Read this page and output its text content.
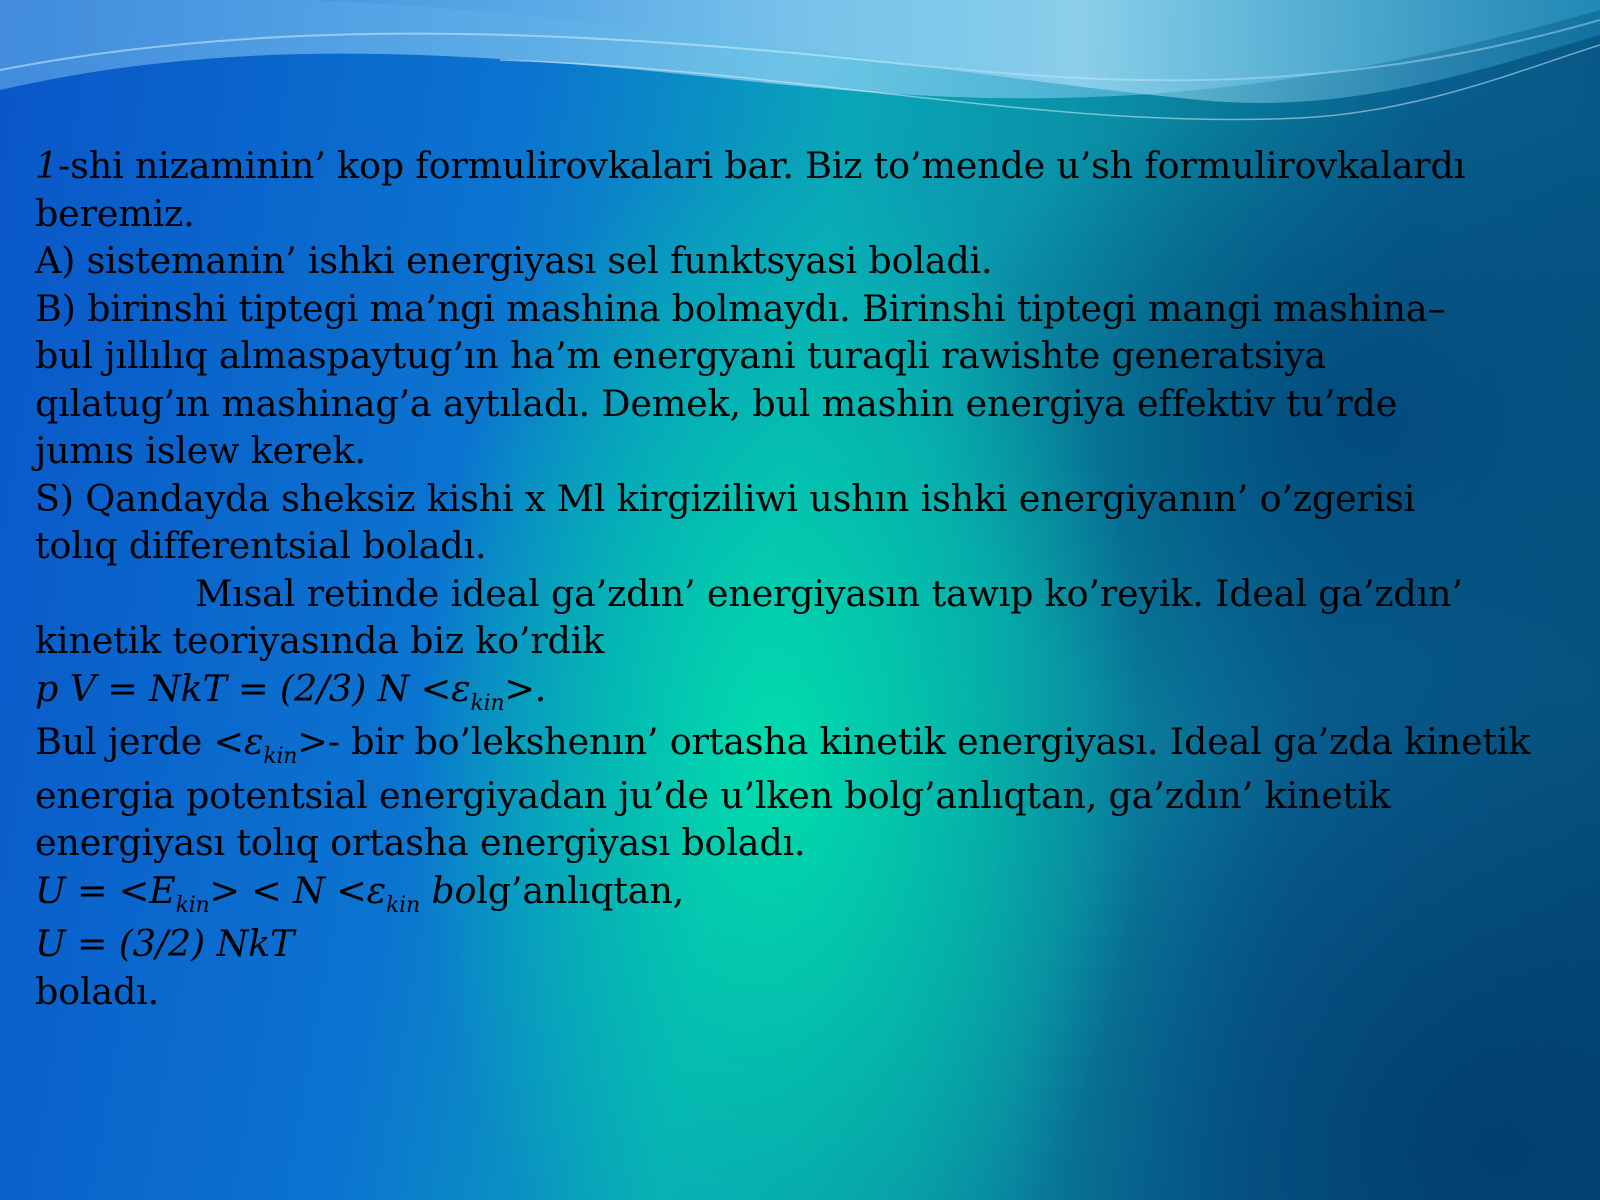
1-shi nizaminin’ kop formulirovkalari bar. Biz to’mende u’sh formulirovkalardı

beremiz.

A) sistemanin’ ishki energiyası sel funktsyasi boladi.

B) birinshi tiptegi ma’ngi mashina bolmaydı. Birinshi tiptegi mangi mashina–

bul jıllılıq almaspaytug’ın ha’m energyani turaqli rawishte generatsiya

qılatug’ın mashinag’a aytıladı. Demek, bul mashin energiya effektiv tu’rde

jumıs islew kerek.

S) Qandayda sheksiz kishi x Ml kirgiziliwi ushın ishki energiyanın’ o’zgerisi

tolıq differentsial boladı.

Mısal retinde ideal ga’zdın’ energiyasın tawıp ko’reyik. Ideal ga’zdın’

kinetik teoriyasında biz ko’rdik

p V = NkT = (2/3) $N <\varepsilon_{kin}>$.

Bul jerde $<\varepsilon_{kin}>-$ bir bo’lekshenın’ ortasha kinetik energiyası. Ideal ga’zda kinetik

energia potentsial energiyadan ju’de u’lken bolg’anlıqtan, ga’zdın’ kinetik

energiyası tolıq ortasha energiyası boladı.

$U = <E_{kin}> < N <\varepsilon_{kin}$ bolg’anlıqtan,

U = (3/2) NkT

boladı.
